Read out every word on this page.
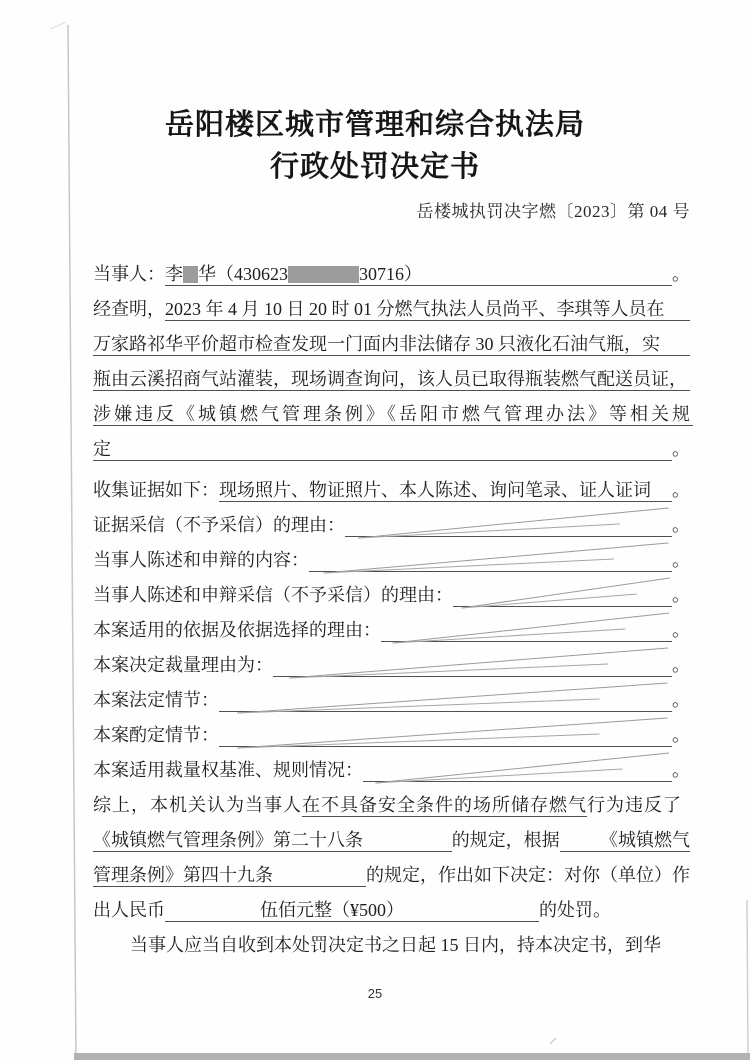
岳阳楼区城市管理和综合执法局
行政处罚决定书
岳楼城执罚决字燃〔2023〕第 04 号
当事人： 李 华（430623	30716）	。
经查明， 2023 年 4 月 10 日 20 时 01 分燃气执法人员尚平、李琪等人员在
万家路祁华平价超市检查发现一门面内非法储存 30 只液化石油气瓶，实
瓶由云溪招商气站灌装，现场调查询问，该人员已取得瓶装燃气配送员证，
涉嫌违反《城镇燃气管理条例》《岳阳市燃气管理办法》等相关规
定	。
收集证据如下： 现场照片、物证照片、本人陈述、询问笔录、证人证词 。
证据采信（不予采信）的理由：	。
当事人陈述和申辩的内容：	。
当事人陈述和申辩采信（不予采信）的理由：	。
本案适用的依据及依据选择的理由：	。
本案决定裁量理由为：	。
本案法定情节：	。
本案酌定情节：	。
本案适用裁量权基准、规则情况：	。
综上，本机关认为当事人 在不具备安全条件的场所储存燃气 行为违反了
《城镇燃气管理条例》第二十八条	的规定，根据 《城镇燃气
管理条例》第四十九条	的规定，作出如下决定：对你（单位）作
出人民币	伍佰元整（¥500）	的处罚。
当事人应当自收到本处罚决定书之日起 15 日内，持本决定书，到华
25
